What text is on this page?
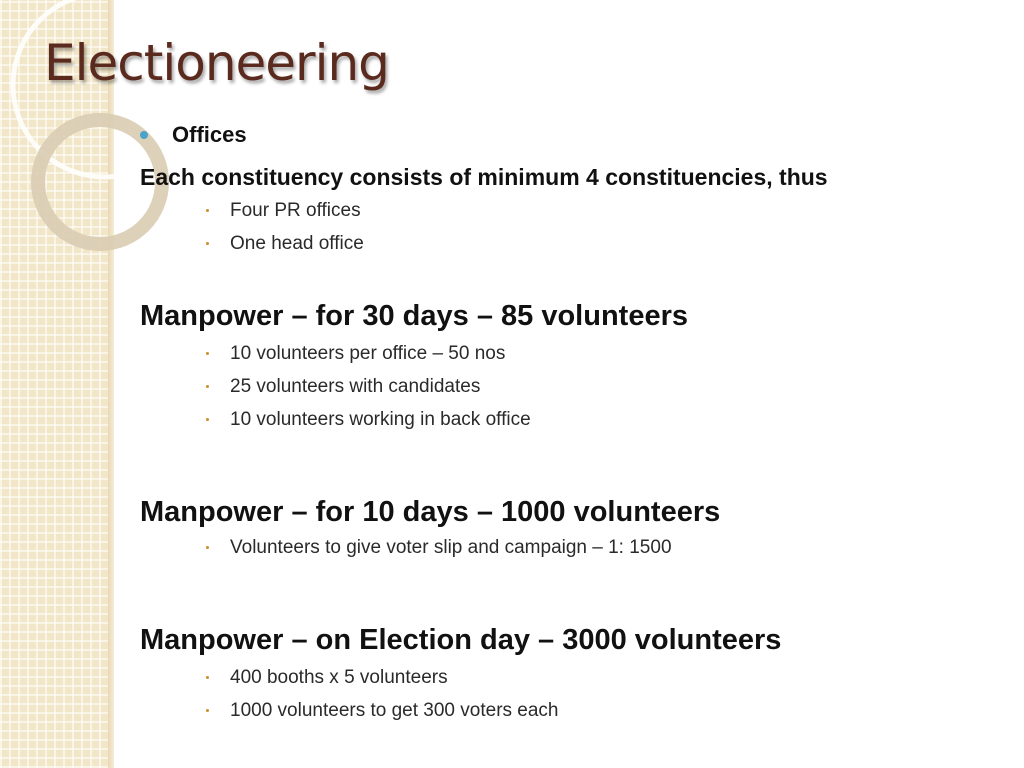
Electioneering
Offices
Each constituency consists of minimum 4 constituencies, thus
Four PR offices
One head office
Manpower – for 30 days – 85 volunteers
10 volunteers per office – 50 nos
25 volunteers with candidates
10 volunteers working in back office
Manpower – for 10 days – 1000 volunteers
Volunteers to give voter slip and campaign – 1: 1500
Manpower – on Election day – 3000 volunteers
400 booths x 5 volunteers
1000 volunteers to get 300 voters each
